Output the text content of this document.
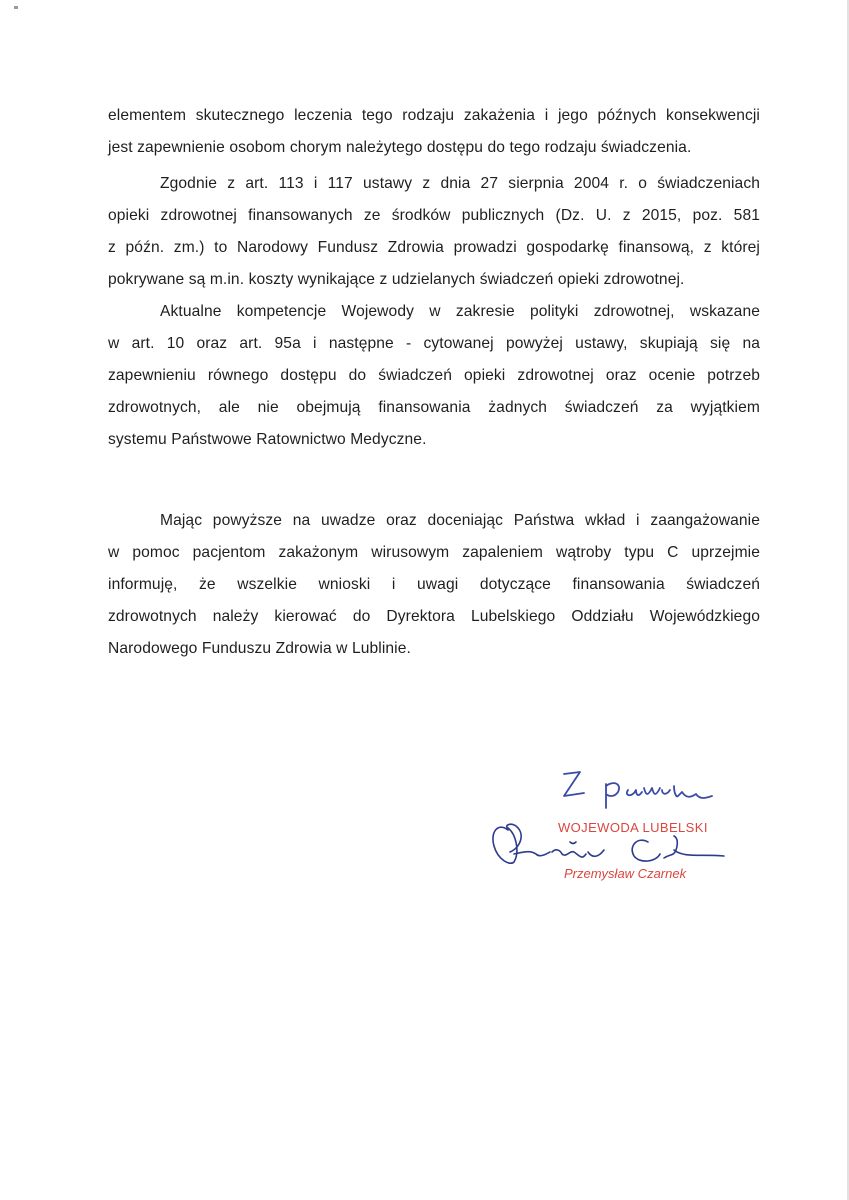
elementem skutecznego leczenia tego rodzaju zakażenia i jego późnych konsekwencji
jest zapewnienie osobom chorym należytego dostępu do tego rodzaju świadczenia.
Zgodnie z art. 113 i 117 ustawy z dnia 27 sierpnia 2004 r. o świadczeniach
opieki zdrowotnej finansowanych ze środków publicznych (Dz. U. z 2015, poz. 581
z późn. zm.) to Narodowy Fundusz Zdrowia prowadzi gospodarkę finansową, z której
pokrywane są m.in. koszty wynikające z udzielanych świadczeń opieki zdrowotnej.
Aktualne kompetencje Wojewody w zakresie polityki zdrowotnej, wskazane
w art. 10 oraz art. 95a i następne - cytowanej powyżej ustawy, skupiają się na
zapewnieniu równego dostępu do świadczeń opieki zdrowotnej oraz ocenie potrzeb
zdrowotnych, ale nie obejmują finansowania żadnych świadczeń za wyjątkiem
systemu Państwowe Ratownictwo Medyczne.
Mając powyższe na uwadze oraz doceniając Państwa wkład i zaangażowanie
w pomoc pacjentom zakażonym wirusowym zapaleniem wątroby typu C uprzejmie
informuję, że wszelkie wnioski i uwagi dotyczące finansowania świadczeń
zdrowotnych należy kierować do Dyrektora Lubelskiego Oddziału Wojewódzkiego
Narodowego Funduszu Zdrowia w Lublinie.
WOJEWODA LUBELSKI
Przemysław Czarnek
